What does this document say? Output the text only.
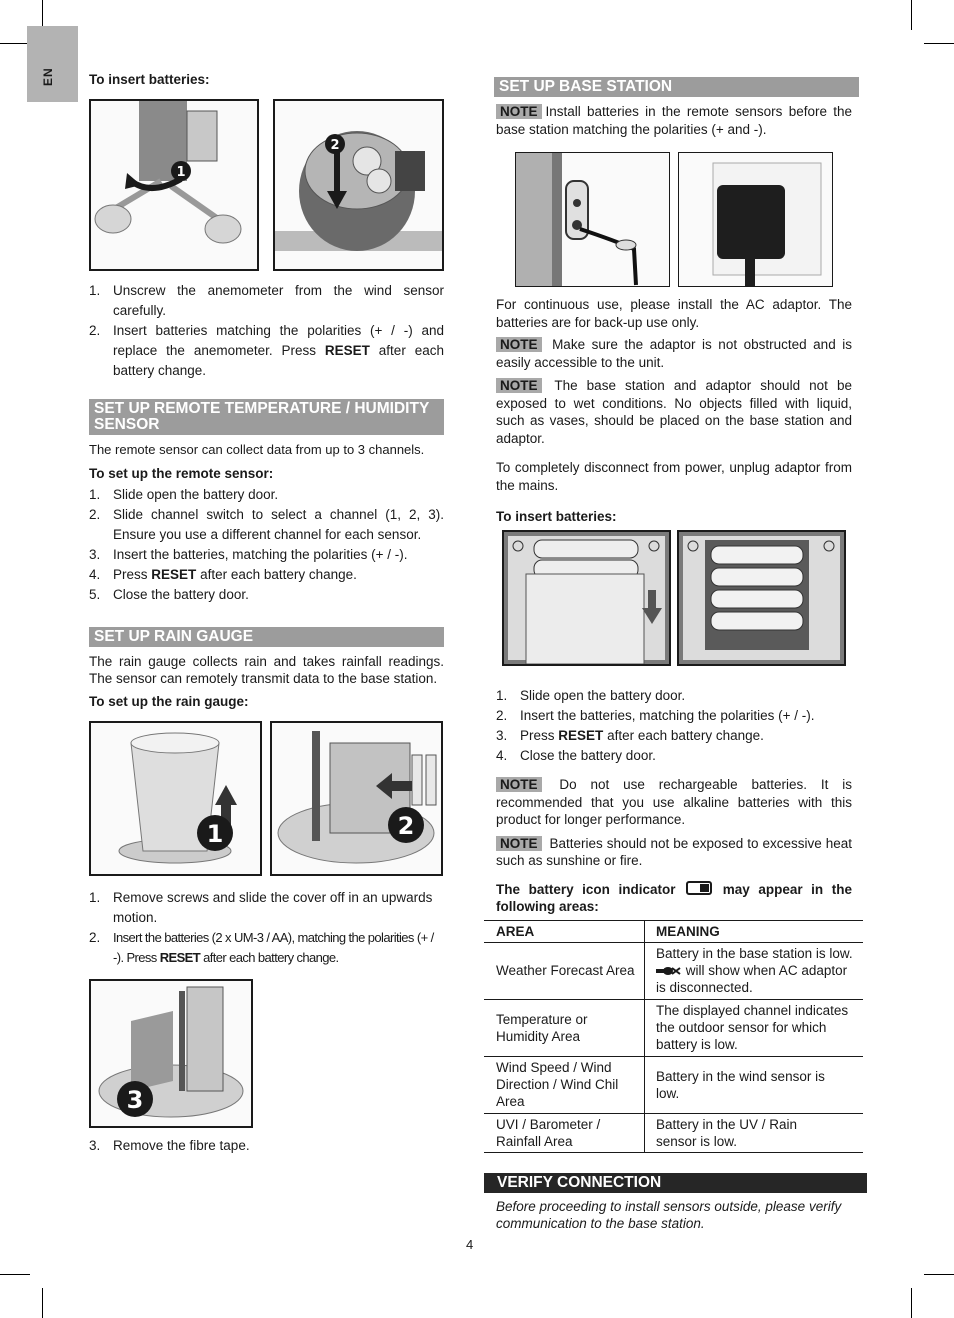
EN	To insert batteries:
1
2
1. Unscrew the anemometer from the wind sensor carefully.
2. Insert batteries matching the polarities (+ / -) and replace the anemometer. Press RESET after each battery change.
SET UP REMOTE TEMPERATURE / HUMIDITY SENSOR

The remote sensor can collect data from up to 3 channels.

To set up the remote sensor:
1. Slide open the battery door.
2. Slide channel switch to select a channel (1, 2, 3). Ensure you use a different channel for each sensor.
3. Insert the batteries, matching the polarities (+ / -).
4. Press RESET after each battery change.
5. Close the battery door.
SET UP RAIN GAUGE

The rain gauge collects rain and takes rainfall readings. The sensor can remotely transmit data to the base station.

To set up the rain gauge:
1	2
1. Remove screws and slide the cover off in an upwards motion.
2. Insert the batteries (2 x UM-3 / AA), matching the polarities (+ / -). Press RESET after each battery change.
3
3. Remove the fibre tape.
SET UP BASE STATION

NOTE Install batteries in the remote sensors before the base station matching the polarities (+ and -).

For continuous use, please install the AC adaptor. The batteries are for back-up use only.

NOTE Make sure the adaptor is not obstructed and is easily accessible to the unit.

NOTE The base station and adaptor should not be exposed to wet conditions. No objects filled with liquid, such as vases, should be placed on the base station and adaptor.

To completely disconnect from power, unplug adaptor from the mains.

To insert batteries:
1. Slide open the battery door.
2. Insert the batteries, matching the polarities (+ / -).
3. Press RESET after each battery change.
4. Close the battery door.

NOTE Do not use rechargeable batteries. It is recommended that you use alkaline batteries with this product for longer performance.

NOTE Batteries should not be exposed to excessive heat such as sunshine or fire.

The battery icon indicator	may appear in the following areas:

AREA	MEANING
Weather Forecast Area	Battery in the base station is low.  will show when AC adaptor is disconnected.
Temperature or Humidity Area	The displayed channel indicates the outdoor sensor for which battery is low.
Wind Speed / Wind Direction / Wind Chil Area	Battery in the wind sensor is low.
UVI / Barometer / Rainfall Area	Battery in the UV / Rain sensor is low.
VERIFY CONNECTION

Before proceeding to install sensors outside, please verify communication to the base station.

4
